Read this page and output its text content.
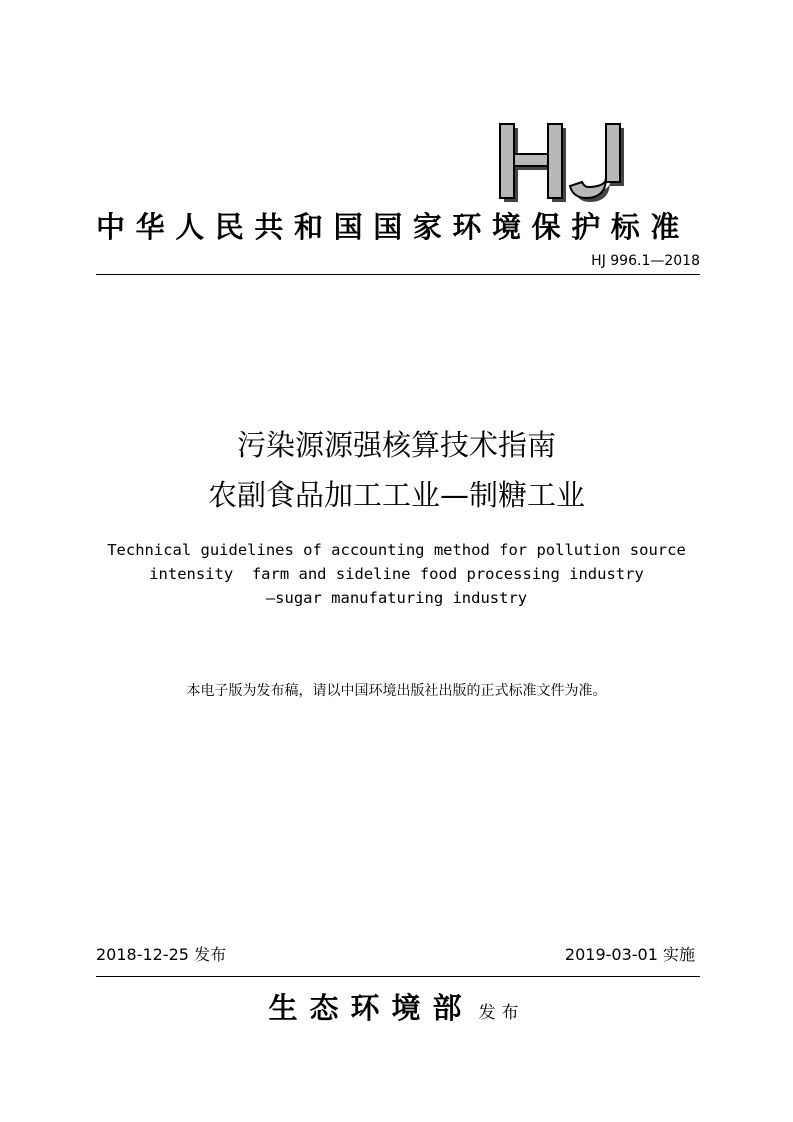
中华人民共和国国家环境保护标准
HJ 996.1—2018
污染源源强核算技术指南
农副食品加工工业—制糖工业
Technical guidelines of accounting method for pollution source
intensity  farm and sideline food processing industry
—sugar manufaturing industry
本电子版为发布稿，请以中国环境出版社出版的正式标准文件为准。
2018-12-25 发布	2019-03-01 实施
生态环境部 发布
